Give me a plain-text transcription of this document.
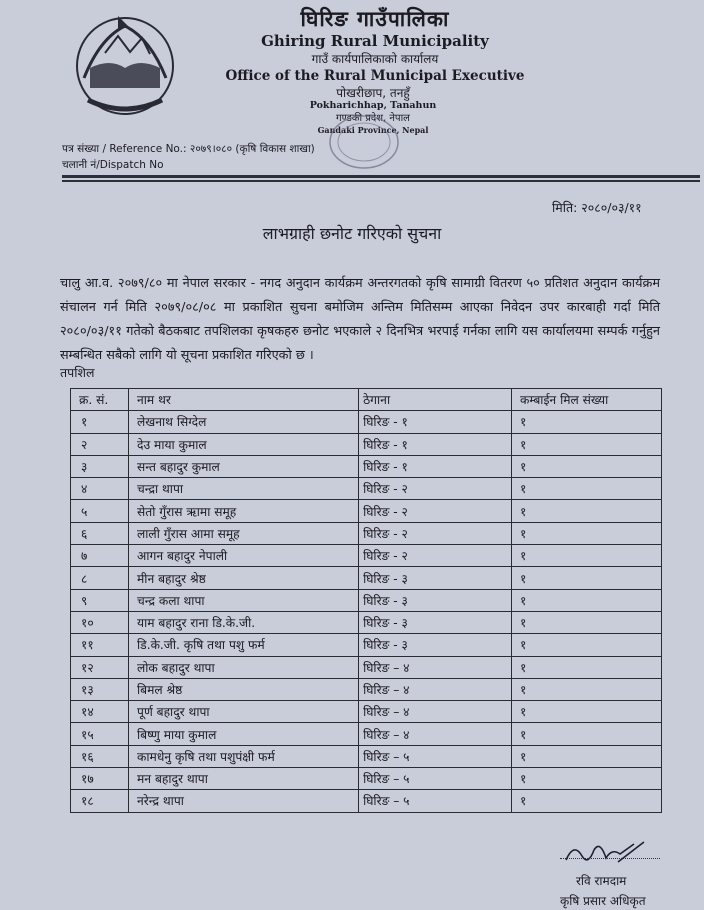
घिरिङ गाउँपालिका
Ghiring Rural Municipality
गाउँ कार्यपालिकाको कार्यालय
Office of the Rural Municipal Executive
पोखरीछाप, तनहुँ
Pokharichhap, Tanahun
गण्डकी प्रदेश, नेपाल
Gandaki Province, Nepal
पत्र संख्या / Reference No.: २०७९।०८० (कृषि विकास शाखा)
चलानी नं/Dispatch No
मिति: २०८०/०३/११
लाभग्राही छनोट गरिएको सुचना
चालु आ.व. २०७९/८० मा नेपाल सरकार - नगद अनुदान कार्यक्रम अन्तरगतको कृषि सामाग्री वितरण ५० प्रतिशत अनुदान कार्यक्रम संचालन गर्न मिति २०७९/०८/०८ मा प्रकाशित सुचना बमोजिम अन्तिम मितिसम्म आएका निवेदन उपर कारबाही गर्दा मिति २०८०/०३/११ गतेको बैठकबाट तपशिलका कृषकहरु छनोट भएकाले २ दिनभित्र भरपाई गर्नका लागि यस कार्यालयमा सम्पर्क गर्नुहुन सम्बन्धित सबैको लागि यो सूचना प्रकाशित गरिएको छ ।
तपशिल
क्र. सं.	नाम थर	ठेगाना	कम्बाईन मिल संख्या
१	लेखनाथ सिग्देल	घिरिङ - १	१
२	देउ माया कुमाल	घिरिङ - १	१
३	सन्त बहादुर कुमाल	घिरिङ - १	१
४	चन्द्रा थापा	घिरिङ - २	१
५	सेतो गुँरास ऋामा समूह	घिरिङ - २	१
६	लाली गुँरास आमा समूह	घिरिङ - २	१
७	आगन बहादुर नेपाली	घिरिङ - २	१
८	मीन बहादुर श्रेष्ठ	घिरिङ - ३	१
९	चन्द्र कला थापा	घिरिङ - ३	१
१०	याम बहादुर राना डि.के.जी.	घिरिङ - ३	१
११	डि.के.जी. कृषि तथा पशु फर्म	घिरिङ - ३	१
१२	लोक बहादुर थापा	घिरिङ – ४	१
१३	बिमल श्रेष्ठ	घिरिङ – ४	१
१४	पूर्ण बहादुर थापा	घिरिङ – ४	१
१५	बिष्णु माया कुमाल	घिरिङ – ४	१
१६	कामधेनु कृषि तथा पशुपंक्षी फर्म	घिरिङ – ५	१
१७	मन बहादुर थापा	घिरिङ – ५	१
१८	नरेन्द्र थापा	घिरिङ – ५	१
रवि रामदाम
कृषि प्रसार अधिकृत
